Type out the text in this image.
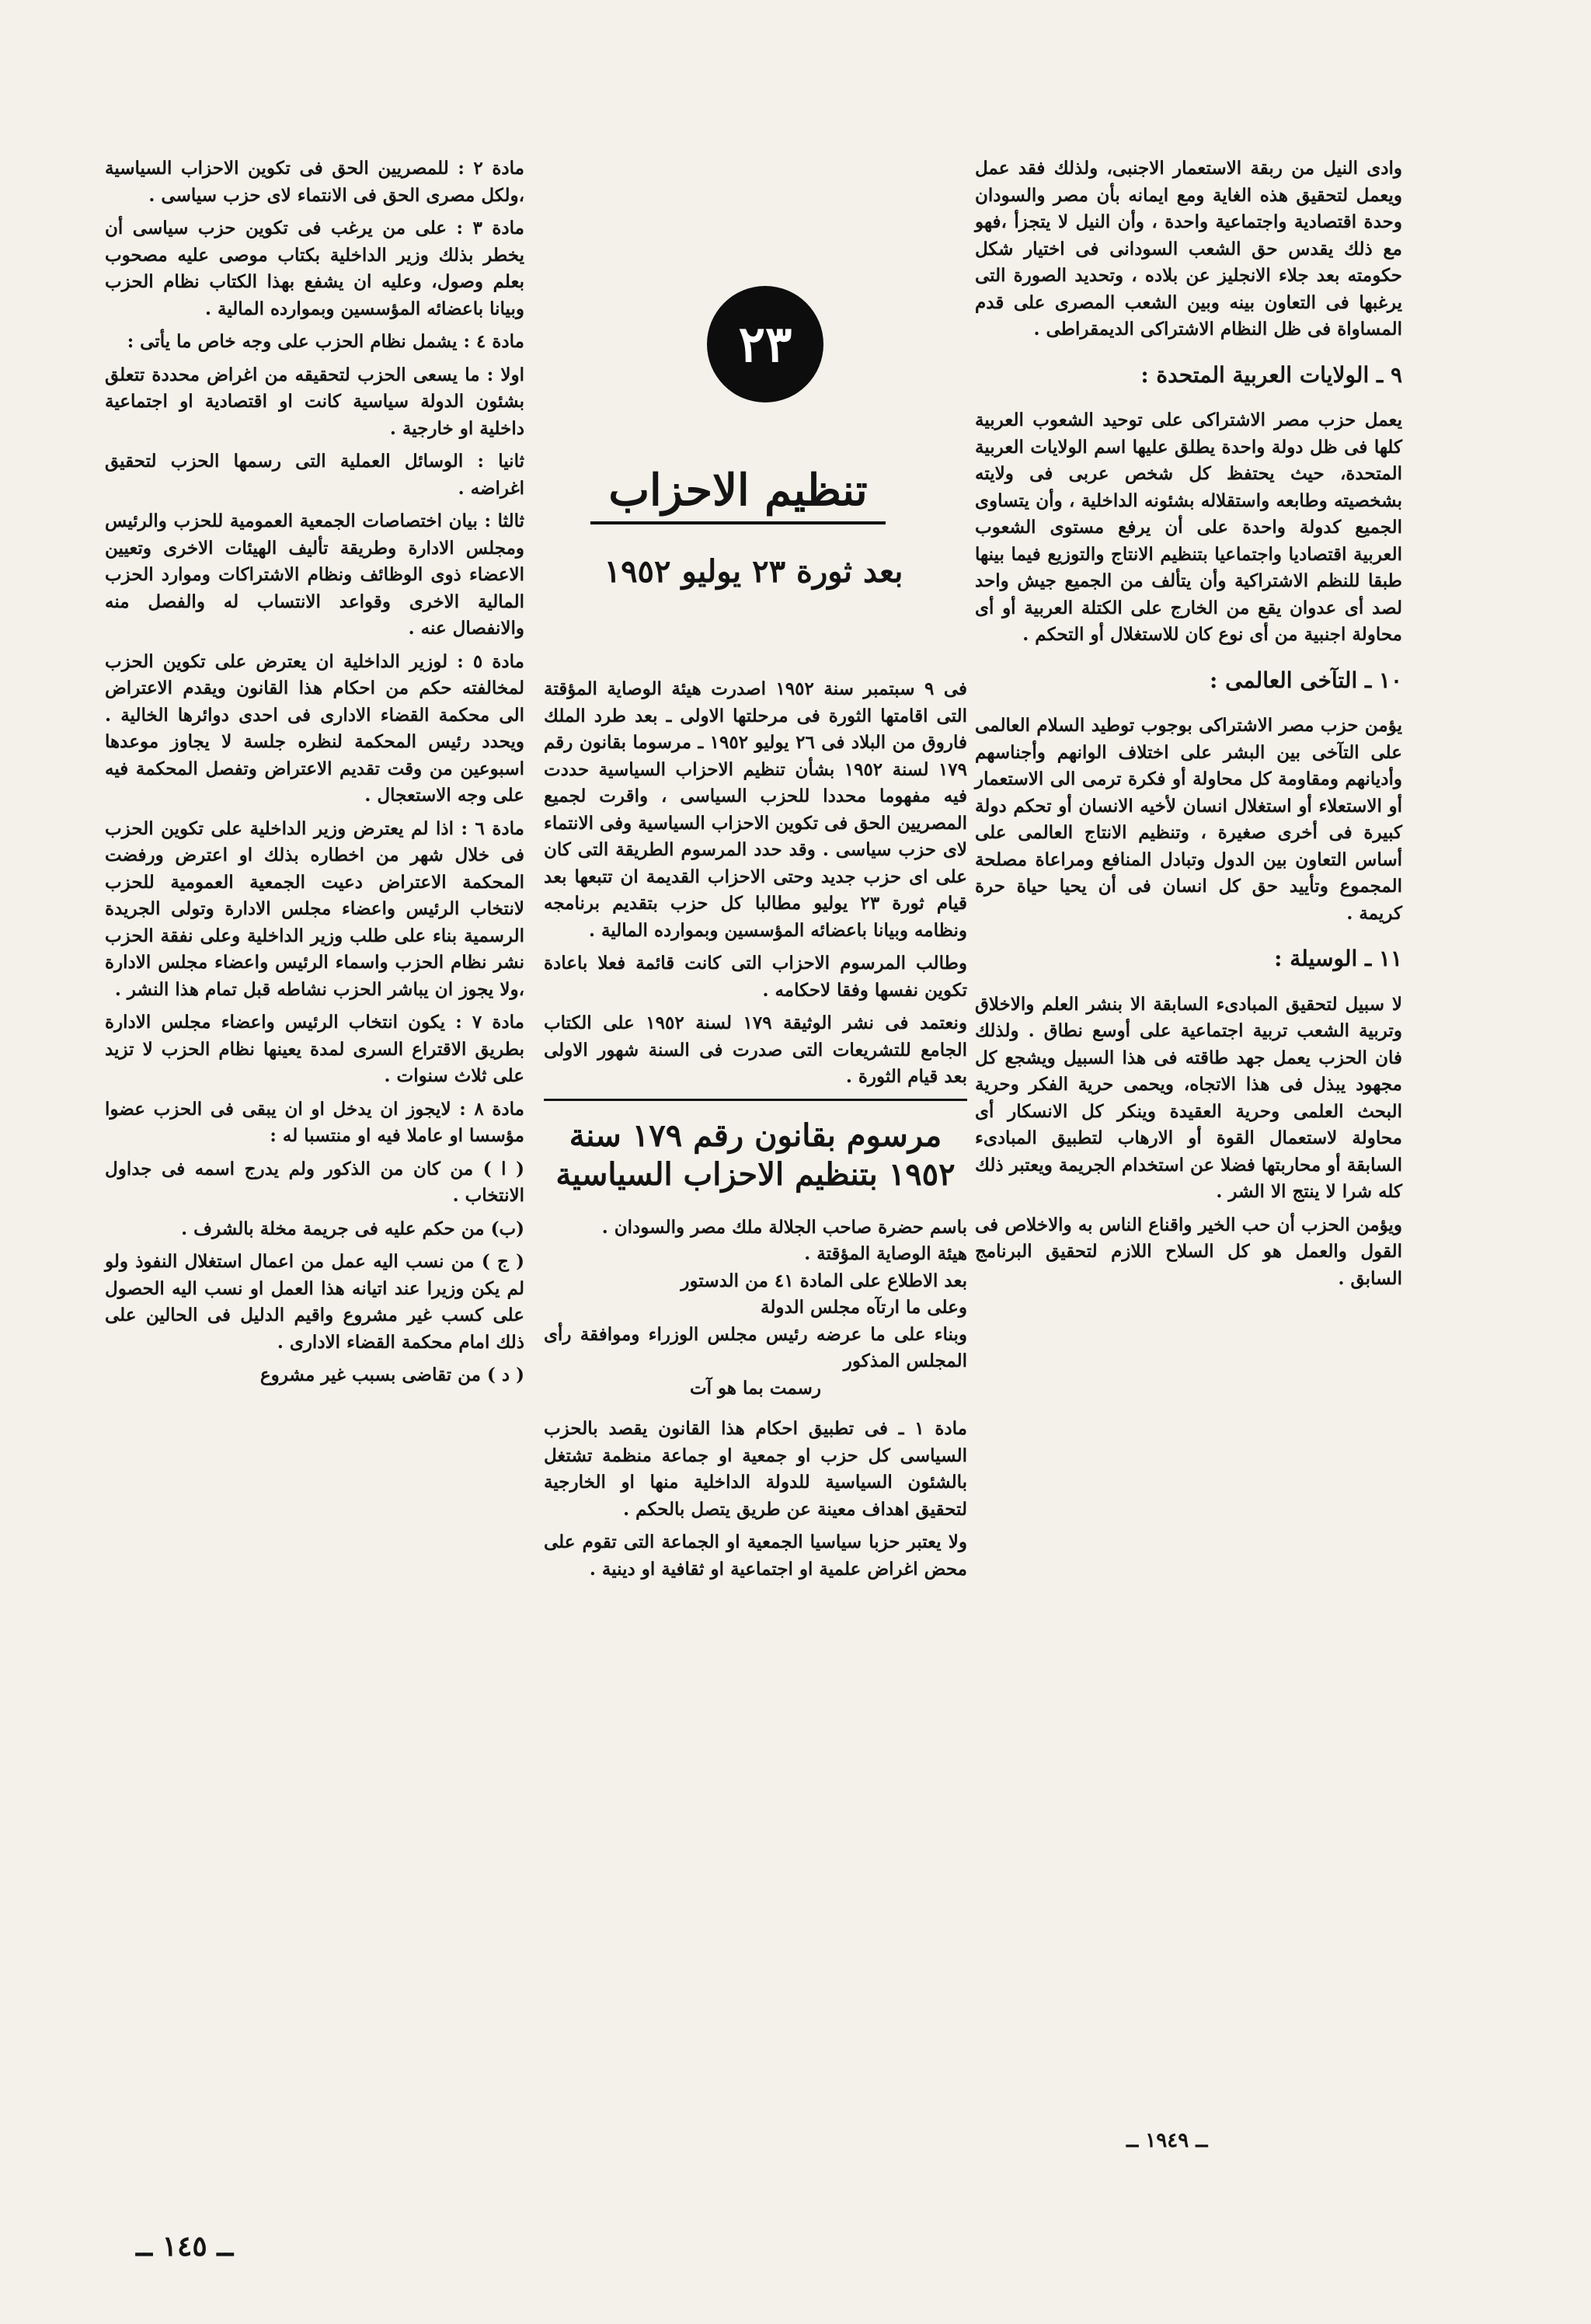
وادى النيل من ربقة الاستعمار الاجنبى، ولذلك فقد عمل ويعمل لتحقيق هذه الغاية ومع ايمانه بأن مصر والسودان وحدة اقتصادية واجتماعية واحدة ، وأن النيل لا يتجزأ ،فهو مع ذلك يقدس حق الشعب السودانى فى اختيار شكل حكومته بعد جلاء الانجليز عن بلاده ، وتحديد الصورة التى يرغبها فى التعاون بينه وبين الشعب المصرى على قدم المساواة فى ظل النظام الاشتراكى الديمقراطى .

٩ ـ الولايات العربية المتحدة :

يعمل حزب مصر الاشتراكى على توحيد الشعوب العربية كلها فى ظل دولة واحدة يطلق عليها اسم الولايات العربية المتحدة، حيث يحتفظ كل شخص عربى فى ولايته بشخصيته وطابعه واستقلاله بشئونه الداخلية ، وأن يتساوى الجميع كدولة واحدة على أن يرفع مستوى الشعوب العربية اقتصاديا واجتماعيا بتنظيم الانتاج والتوزيع فيما بينها طبقا للنظم الاشتراكية وأن يتألف من الجميع جيش واحد لصد أى عدوان يقع من الخارج على الكتلة العربية أو أى محاولة اجنبية من أى نوع كان للاستغلال أو التحكم .

١٠ ـ التآخى العالمى :

يؤمن حزب مصر الاشتراكى بوجوب توطيد السلام العالمى على التآخى بين البشر على اختلاف الوانهم وأجناسهم وأديانهم ومقاومة كل محاولة أو فكرة ترمى الى الاستعمار أو الاستعلاء أو استغلال انسان لأخيه الانسان أو تحكم دولة كبيرة فى أخرى صغيرة ، وتنظيم الانتاج العالمى على أساس التعاون بين الدول وتبادل المنافع ومراعاة مصلحة المجموع وتأييد حق كل انسان فى أن يحيا حياة حرة كريمة .

١١ ـ الوسيلة :

لا سبيل لتحقيق المبادىء السابقة الا بنشر العلم والاخلاق وتربية الشعب تربية اجتماعية على أوسع نطاق . ولذلك فان الحزب يعمل جهد طاقته فى هذا السبيل ويشجع كل مجهود يبذل فى هذا الاتجاه، ويحمى حرية الفكر وحرية البحث العلمى وحرية العقيدة وينكر كل الانسكار أى محاولة لاستعمال القوة أو الارهاب لتطبيق المبادىء السابقة أو محاربتها فضلا عن استخدام الجريمة ويعتبر ذلك كله شرا لا ينتج الا الشر .

ويؤمن الحزب أن حب الخير واقناع الناس به والاخلاص فى القول والعمل هو كل السلاح اللازم لتحقيق البرنامج السابق .

ــ ١٩٤٩ ــ
٢٣
تنظيم الاحزاب
بعد ثورة ٢٣ يوليو ١٩٥٢

فى ٩ سبتمبر سنة ١٩٥٢ اصدرت هيئة الوصاية المؤقتة التى اقامتها الثورة فى مرحلتها الاولى ـ بعد طرد الملك فاروق من البلاد فى ٢٦ يوليو ١٩٥٢ ـ مرسوما بقانون رقم ١٧٩ لسنة ١٩٥٢ بشأن تنظيم الاحزاب السياسية حددت فيه مفهوما محددا للحزب السياسى ، واقرت لجميع المصريين الحق فى تكوين الاحزاب السياسية وفى الانتماء لاى حزب سياسى . وقد حدد المرسوم الطريقة التى كان على اى حزب جديد وحتى الاحزاب القديمة ان تتبعها بعد قيام ثورة ٢٣ يوليو مطالبا كل حزب بتقديم برنامجه ونظامه وبيانا باعضائه المؤسسين وبموارده المالية .

وطالب المرسوم الاحزاب التى كانت قائمة فعلا باعادة تكوين نفسها وفقا لاحكامه .

ونعتمد فى نشر الوثيقة ١٧٩ لسنة ١٩٥٢ على الكتاب الجامع للتشريعات التى صدرت فى السنة شهور الاولى بعد قيام الثورة .

مرسوم بقانون رقم ١٧٩ سنة ١٩٥٢ بتنظيم الاحزاب السياسية

باسم حضرة صاحب الجلالة ملك مصر والسودان .

هيئة الوصاية المؤقتة .

بعد الاطلاع على المادة ٤١ من الدستور

وعلى ما ارتآه مجلس الدولة

وبناء على ما عرضه رئيس مجلس الوزراء وموافقة رأى المجلس المذكور

رسمت بما هو آت

مادة ١ ـ فى تطبيق احكام هذا القانون يقصد بالحزب السياسى كل حزب او جمعية او جماعة منظمة تشتغل بالشئون السياسية للدولة الداخلية منها او الخارجية لتحقيق اهداف معينة عن طريق يتصل بالحكم .

ولا يعتبر حزبا سياسيا الجمعية او الجماعة التى تقوم على محض اغراض علمية او اجتماعية او ثقافية او دينية .

مادة ٢ : للمصريين الحق فى تكوين الاحزاب السياسية ،ولكل مصرى الحق فى الانتماء لاى حزب سياسى .

مادة ٣ : على من يرغب فى تكوين حزب سياسى أن يخطر بذلك وزير الداخلية بكتاب موصى عليه مصحوب بعلم وصول، وعليه ان يشفع بهذا الكتاب نظام الحزب وبيانا باعضائه المؤسسين وبموارده المالية .

مادة ٤ : يشمل نظام الحزب على وجه خاص ما يأتى :

اولا : ما يسعى الحزب لتحقيقه من اغراض محددة تتعلق بشئون الدولة سياسية كانت او اقتصادية او اجتماعية داخلية او خارجية .

ثانيا : الوسائل العملية التى رسمها الحزب لتحقيق اغراضه .

ثالثا : بيان اختصاصات الجمعية العمومية للحزب والرئيس ومجلس الادارة وطريقة تأليف الهيئات الاخرى وتعيين الاعضاء ذوى الوظائف ونظام الاشتراكات وموارد الحزب المالية الاخرى وقواعد الانتساب له والفصل منه والانفصال عنه .

مادة ٥ : لوزير الداخلية ان يعترض على تكوين الحزب لمخالفته حكم من احكام هذا القانون ويقدم الاعتراض الى محكمة القضاء الادارى فى احدى دوائرها الخالية . ويحدد رئيس المحكمة لنظره جلسة لا يجاوز موعدها اسبوعين من وقت تقديم الاعتراض وتفصل المحكمة فيه على وجه الاستعجال .

مادة ٦ : اذا لم يعترض وزير الداخلية على تكوين الحزب فى خلال شهر من اخطاره بذلك او اعترض ورفضت المحكمة الاعتراض دعيت الجمعية العمومية للحزب لانتخاب الرئيس واعضاء مجلس الادارة وتولى الجريدة الرسمية بناء على طلب وزير الداخلية وعلى نفقة الحزب نشر نظام الحزب واسماء الرئيس واعضاء مجلس الادارة ،ولا يجوز ان يباشر الحزب نشاطه قبل تمام هذا النشر .

مادة ٧ : يكون انتخاب الرئيس واعضاء مجلس الادارة بطريق الاقتراع السرى لمدة يعينها نظام الحزب لا تزيد على ثلاث سنوات .

مادة ٨ : لايجوز ان يدخل او ان يبقى فى الحزب عضوا مؤسسا او عاملا فيه او منتسبا له :

( ا ) من كان من الذكور ولم يدرج اسمه فى جداول الانتخاب .

(ب) من حكم عليه فى جريمة مخلة بالشرف .

( ج ) من نسب اليه عمل من اعمال استغلال النفوذ ولو لم يكن وزيرا عند اتيانه هذا العمل او نسب اليه الحصول على كسب غير مشروع واقيم الدليل فى الحالين على ذلك امام محكمة القضاء الادارى .

( د ) من تقاضى بسبب غير مشروع

ــ ١٤٥ ــ
